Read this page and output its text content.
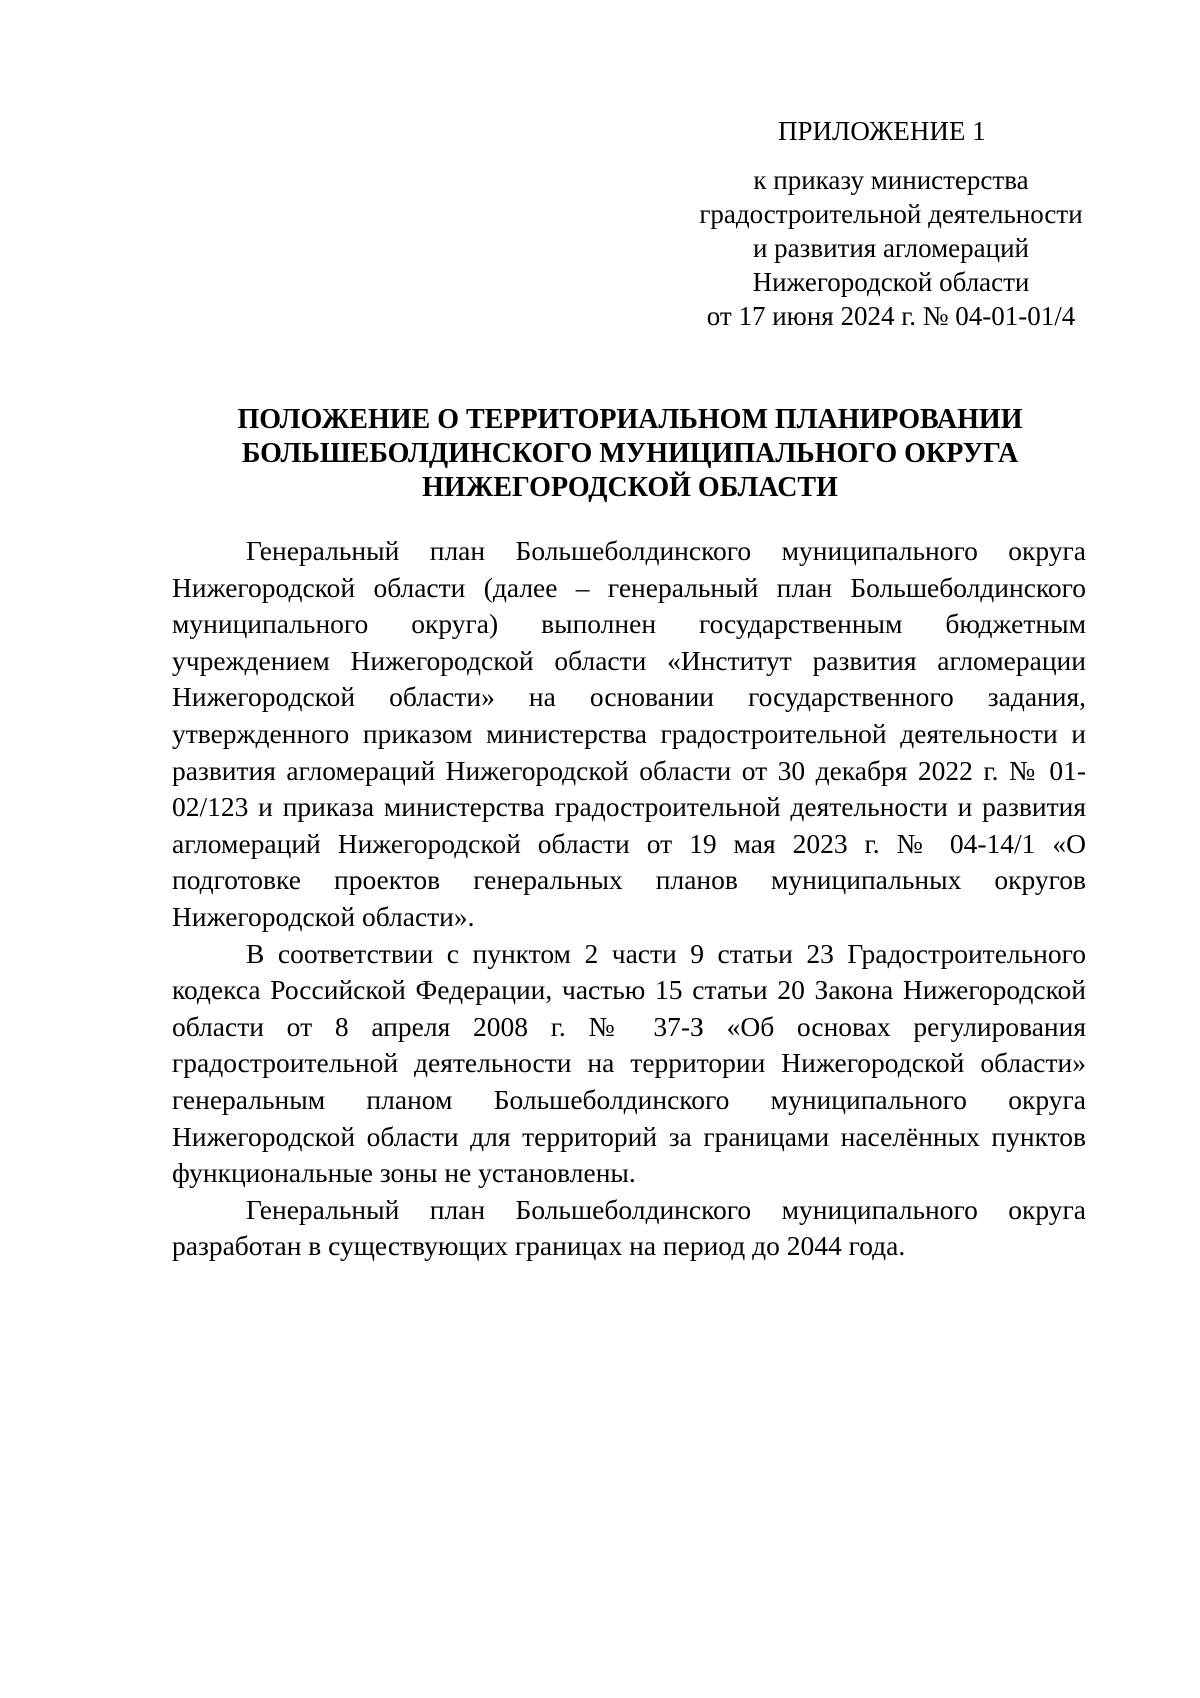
ПРИЛОЖЕНИЕ 1
к приказу министерства
градостроительной деятельности
и развития агломераций
Нижегородской области
от 17 июня 2024 г. № 04-01-01/4
ПОЛОЖЕНИЕ О ТЕРРИТОРИАЛЬНОМ ПЛАНИРОВАНИИ
БОЛЬШЕБОЛДИНСКОГО МУНИЦИПАЛЬНОГО ОКРУГА
НИЖЕГОРОДСКОЙ ОБЛАСТИ

Генеральный план Большеболдинского муниципального округа Нижегородской области (далее – генеральный план Большеболдинского муниципального округа) выполнен государственным бюджетным учреждением Нижегородской области «Институт развития агломерации Нижегородской области» на основании государственного задания, утвержденного приказом министерства градостроительной деятельности и развития агломераций Нижегородской области от 30 декабря 2022 г. № 01-02/123 и приказа министерства градостроительной деятельности и развития агломераций Нижегородской области от 19 мая 2023 г. № 04-14/1 «О подготовке проектов генеральных планов муниципальных округов Нижегородской области».

В соответствии с пунктом 2 части 9 статьи 23 Градостроительного кодекса Российской Федерации, частью 15 статьи 20 Закона Нижегородской области от 8 апреля 2008 г. № 37-З «Об основах регулирования градостроительной деятельности на территории Нижегородской области» генеральным планом Большеболдинского муниципального округа Нижегородской области для территорий за границами населённых пунктов функциональные зоны не установлены.

Генеральный план Большеболдинского муниципального округа разработан в существующих границах на период до 2044 года.
